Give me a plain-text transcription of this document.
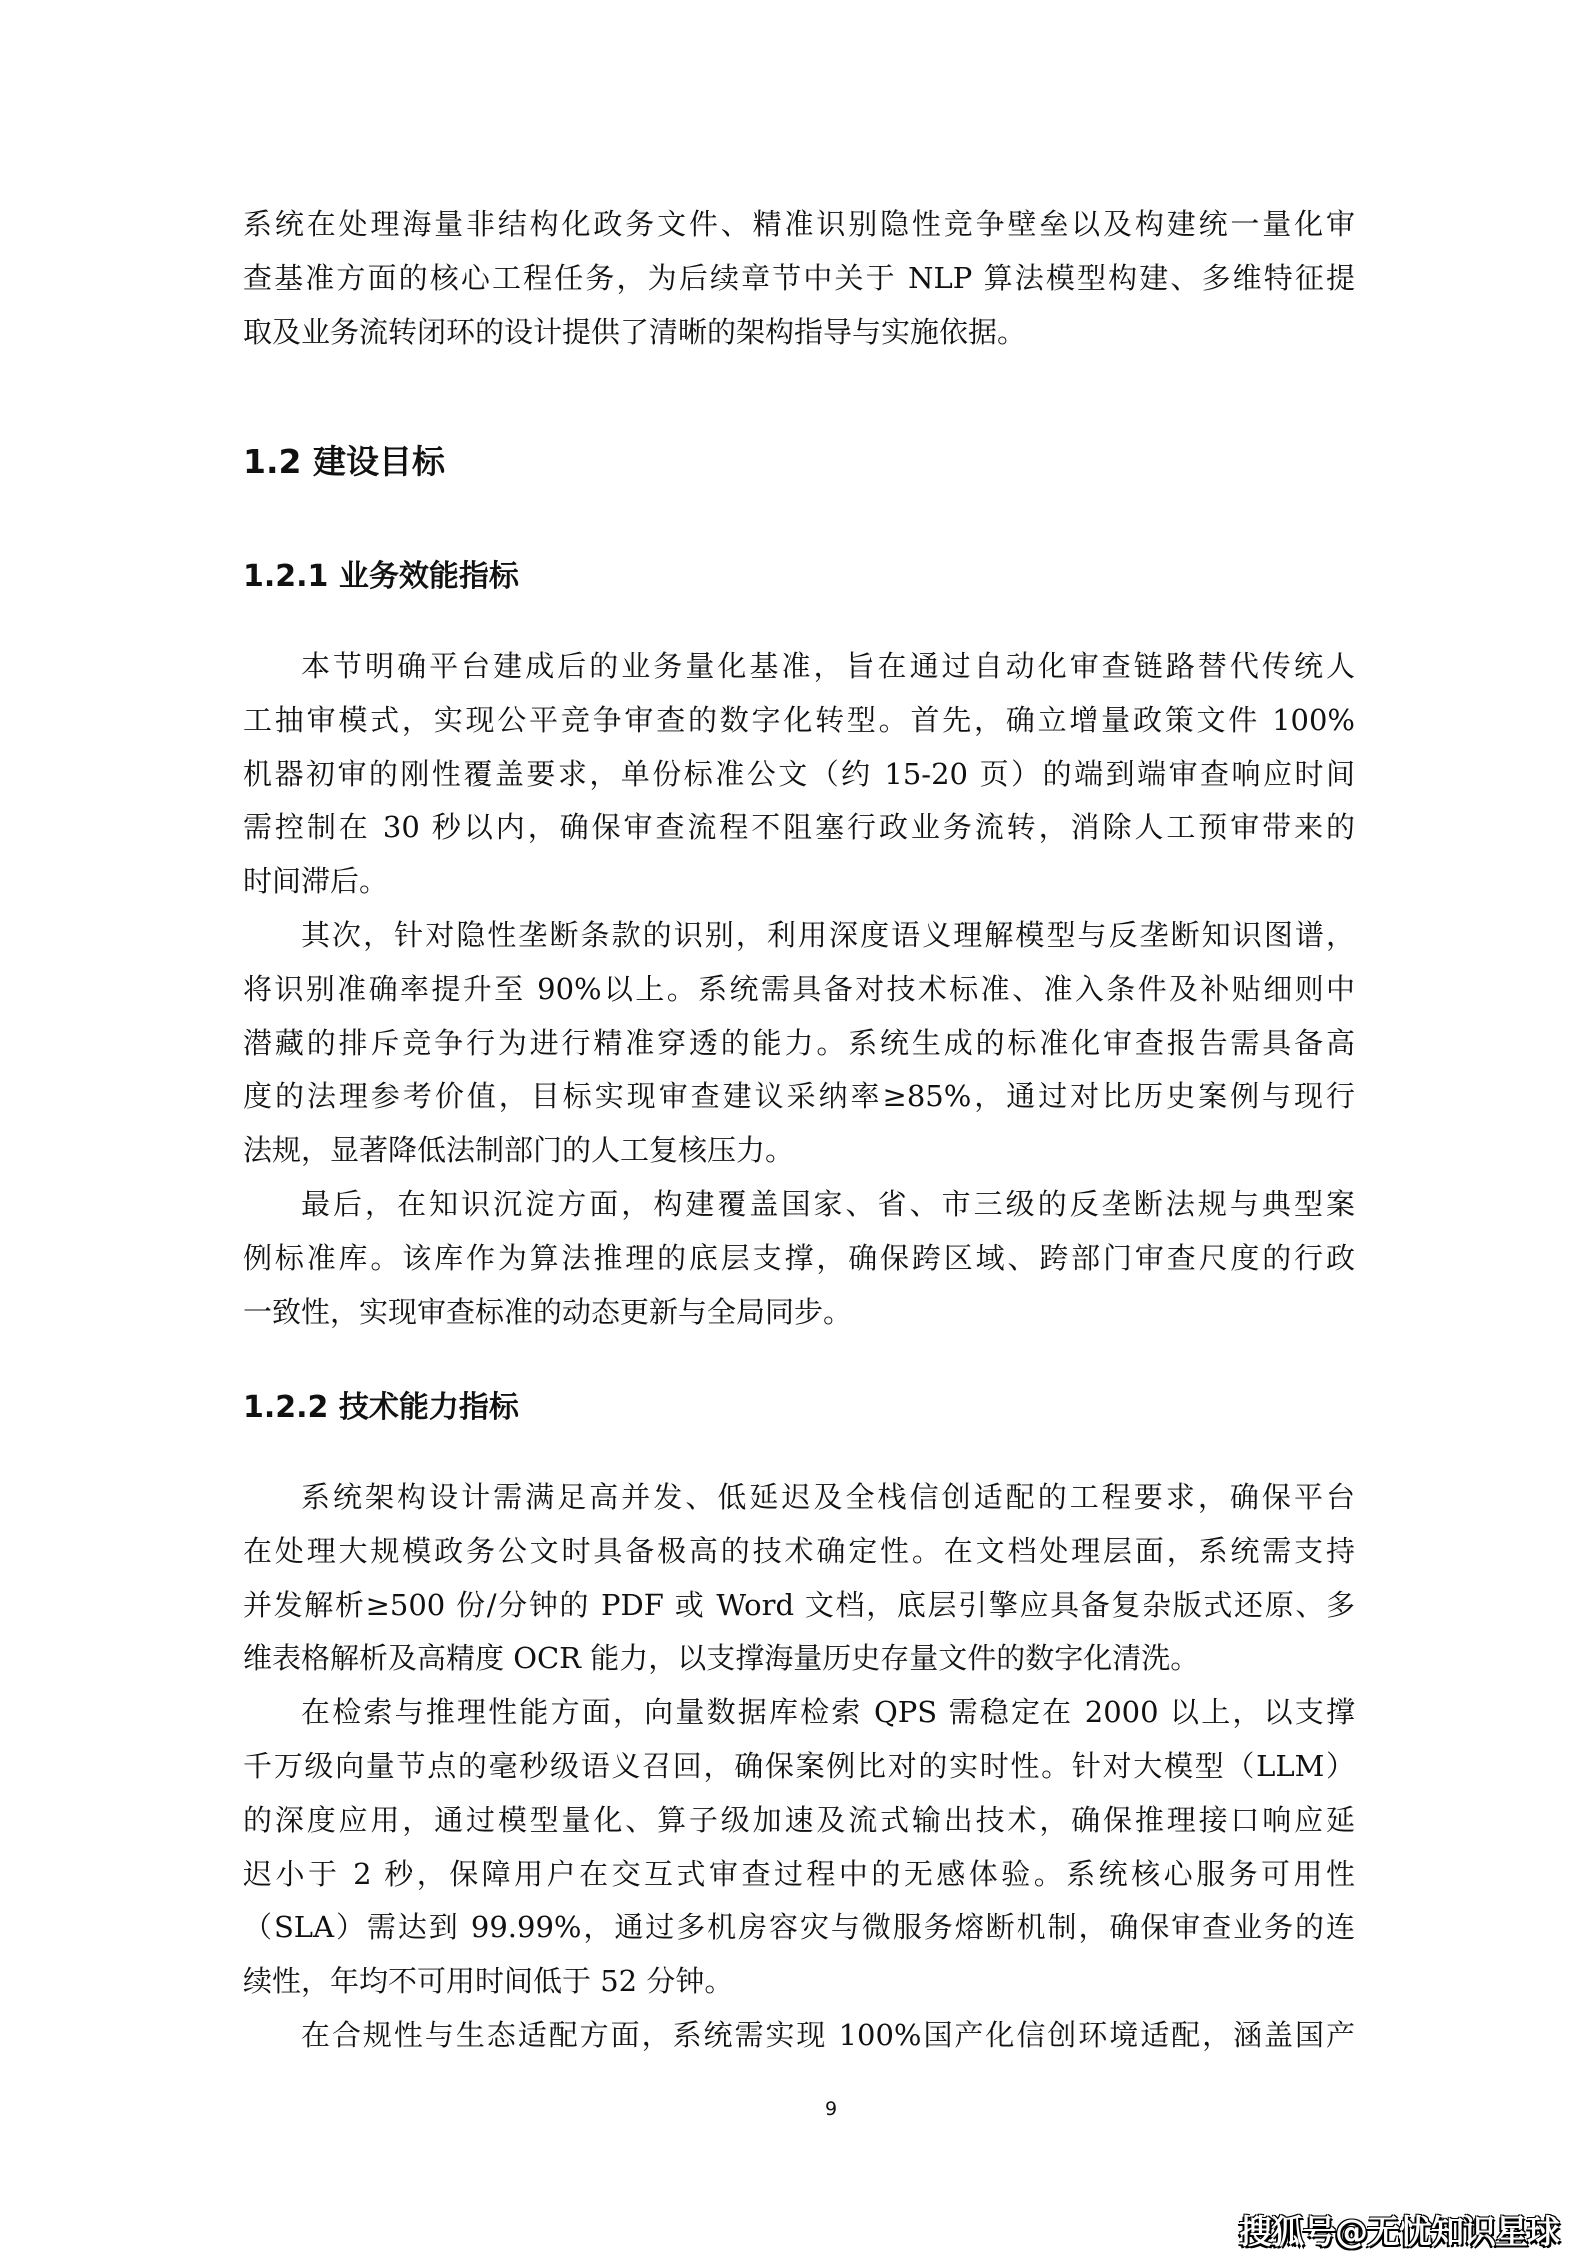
系统在处理海量非结构化政务文件、精准识别隐性竞争壁垒以及构建统一量化审
查基准方面的核心工程任务，为后续章节中关于 NLP 算法模型构建、多维特征提
取及业务流转闭环的设计提供了清晰的架构指导与实施依据。
1.2 建设目标
1.2.1 业务效能指标
本节明确平台建成后的业务量化基准，旨在通过自动化审查链路替代传统人
工抽审模式，实现公平竞争审查的数字化转型。首先，确立增量政策文件 100%
机器初审的刚性覆盖要求，单份标准公文（约 15-20 页）的端到端审查响应时间
需控制在 30 秒以内，确保审查流程不阻塞行政业务流转，消除人工预审带来的
时间滞后。
其次，针对隐性垄断条款的识别，利用深度语义理解模型与反垄断知识图谱，
将识别准确率提升至 90%以上。系统需具备对技术标准、准入条件及补贴细则中
潜藏的排斥竞争行为进行精准穿透的能力。系统生成的标准化审查报告需具备高
度的法理参考价值，目标实现审查建议采纳率≥85%，通过对比历史案例与现行
法规，显著降低法制部门的人工复核压力。
最后，在知识沉淀方面，构建覆盖国家、省、市三级的反垄断法规与典型案
例标准库。该库作为算法推理的底层支撑，确保跨区域、跨部门审查尺度的行政
一致性，实现审查标准的动态更新与全局同步。
1.2.2 技术能力指标
系统架构设计需满足高并发、低延迟及全栈信创适配的工程要求，确保平台
在处理大规模政务公文时具备极高的技术确定性。在文档处理层面，系统需支持
并发解析≥500 份/分钟的 PDF 或 Word 文档，底层引擎应具备复杂版式还原、多
维表格解析及高精度 OCR 能力，以支撑海量历史存量文件的数字化清洗。
在检索与推理性能方面，向量数据库检索 QPS 需稳定在 2000 以上，以支撑
千万级向量节点的毫秒级语义召回，确保案例比对的实时性。针对大模型（LLM）
的深度应用，通过模型量化、算子级加速及流式输出技术，确保推理接口响应延
迟小于 2 秒，保障用户在交互式审查过程中的无感体验。系统核心服务可用性
（SLA）需达到 99.99%，通过多机房容灾与微服务熔断机制，确保审查业务的连
续性，年均不可用时间低于 52 分钟。
在合规性与生态适配方面，系统需实现 100%国产化信创环境适配，涵盖国产
9
搜狐号@无忧知识星球
